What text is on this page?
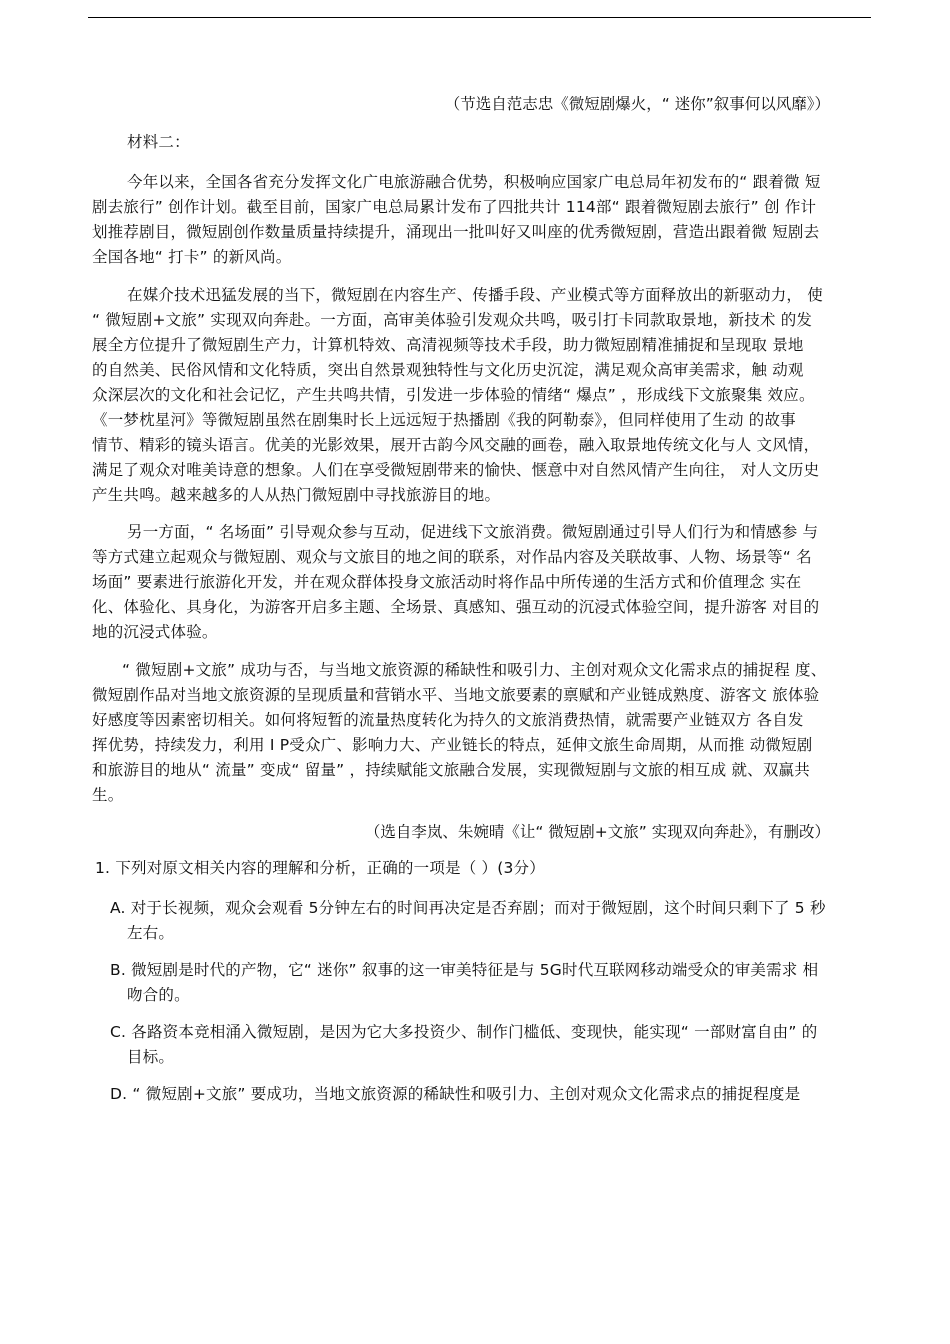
（节选自范志忠《微短剧爆火，“ 迷你”叙事何以风靡》）
材料二：
今年以来，全国各省充分发挥文化广电旅游融合优势，积极响应国家广电总局年初发布的“ 跟着微 短
剧去旅行” 创作计划。截至目前，国家广电总局累计发布了四批共计 114部“ 跟着微短剧去旅行” 创 作计
划推荐剧目，微短剧创作数量质量持续提升，涌现出一批叫好又叫座的优秀微短剧，营造出跟着微 短剧去
全国各地“ 打卡” 的新风尚。
在媒介技术迅猛发展的当下，微短剧在内容生产、传播手段、产业模式等方面释放出的新驱动力， 使
“ 微短剧+文旅” 实现双向奔赴。一方面，高审美体验引发观众共鸣，吸引打卡同款取景地，新技术 的发
展全方位提升了微短剧生产力，计算机特效、高清视频等技术手段，助力微短剧精准捕捉和呈现取 景地
的自然美、民俗风情和文化特质，突出自然景观独特性与文化历史沉淀，满足观众高审美需求，触 动观
众深层次的文化和社会记忆，产生共鸣共情，引发进一步体验的情绪“ 爆点” ，形成线下文旅聚集 效应。
《一梦枕星河》等微短剧虽然在剧集时长上远远短于热播剧《我的阿勒泰》，但同样使用了生动 的故事
情节、精彩的镜头语言。优美的光影效果，展开古韵今风交融的画卷，融入取景地传统文化与人 文风情，
满足了观众对唯美诗意的想象。人们在享受微短剧带来的愉快、惬意中对自然风情产生向往， 对人文历史
产生共鸣。越来越多的人从热门微短剧中寻找旅游目的地。
另一方面，“ 名场面” 引导观众参与互动，促进线下文旅消费。微短剧通过引导人们行为和情感参 与
等方式建立起观众与微短剧、观众与文旅目的地之间的联系，对作品内容及关联故事、人物、场景等“ 名
场面” 要素进行旅游化开发，并在观众群体投身文旅活动时将作品中所传递的生活方式和价值理念 实在
化、体验化、具身化，为游客开启多主题、全场景、真感知、强互动的沉浸式体验空间，提升游客 对目的
地的沉浸式体验。
“ 微短剧+文旅” 成功与否，与当地文旅资源的稀缺性和吸引力、主创对观众文化需求点的捕捉程 度、
微短剧作品对当地文旅资源的呈现质量和营销水平、当地文旅要素的禀赋和产业链成熟度、游客文 旅体验
好感度等因素密切相关。如何将短暂的流量热度转化为持久的文旅消费热情，就需要产业链双方 各自发
挥优势，持续发力，利用 I P受众广、影响力大、产业链长的特点，延伸文旅生命周期，从而推 动微短剧
和旅游目的地从“ 流量” 变成“ 留量” ，持续赋能文旅融合发展，实现微短剧与文旅的相互成 就、双赢共
生。
（选自李岚、朱婉晴《让“ 微短剧+文旅” 实现双向奔赴》，有删改）
1. 下列对原文相关内容的理解和分析，正确的一项是（ ）(3分）
A. 对于长视频，观众会观看 5分钟左右的时间再决定是否弃剧；而对于微短剧，这个时间只剩下了 5 秒
左右。
B. 微短剧是时代的产物，它“ 迷你” 叙事的这一审美特征是与 5G时代互联网移动端受众的审美需求 相
吻合的。
C. 各路资本竞相涌入微短剧，是因为它大多投资少、制作门槛低、变现快，能实现“ 一部财富自由” 的
目标。
D. “ 微短剧+文旅” 要成功，当地文旅资源的稀缺性和吸引力、主创对观众文化需求点的捕捉程度是
